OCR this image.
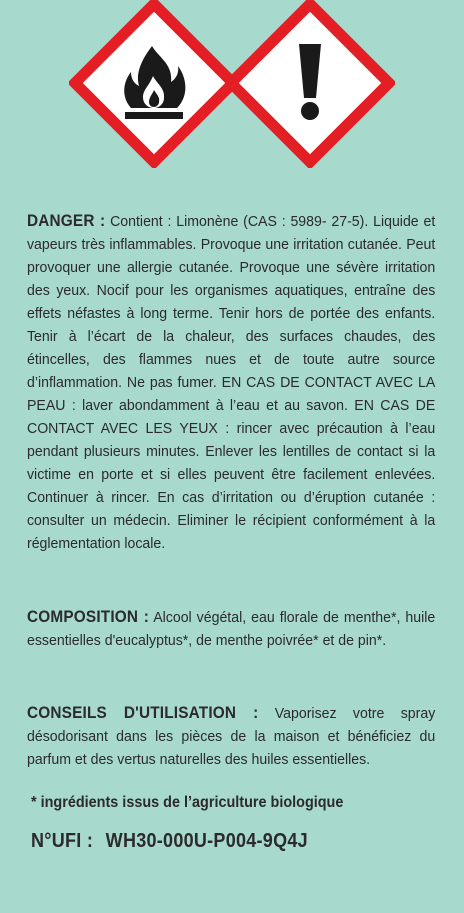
DANGER : Contient : Limonène (CAS : 5989- 27-5). Liquide et vapeurs très inflammables. Provoque une irritation cutanée. Peut provoquer une allergie cutanée. Provoque une sévère irritation des yeux. Nocif pour les organismes aquatiques, entraîne des effets néfastes à long terme. Tenir hors de portée des enfants. Tenir à l’écart de la chaleur, des surfaces chaudes, des étincelles, des flammes nues et de toute autre source d’inflammation. Ne pas fumer. EN CAS DE CONTACT AVEC LA PEAU : laver abondamment à l’eau et au savon. EN CAS DE CONTACT AVEC LES YEUX : rincer avec précaution à l’eau pendant plusieurs minutes. Enlever les lentilles de contact si la victime en porte et si elles peuvent être facilement enlevées. Continuer à rincer. En cas d’irritation ou d’éruption cutanée : consulter un médecin. Eliminer le récipient conformément à la réglementation locale.
COMPOSITION : Alcool végétal, eau florale de menthe*, huile essentielles d'eucalyptus*, de menthe poivrée* et de pin*.
CONSEILS D'UTILISATION : Vaporisez votre spray désodorisant dans les pièces de la maison et bénéficiez du parfum et des vertus naturelles des huiles essentielles.
* ingrédients issus de l’agriculture biologique
N°UFI : WH30-000U-P004-9Q4J
